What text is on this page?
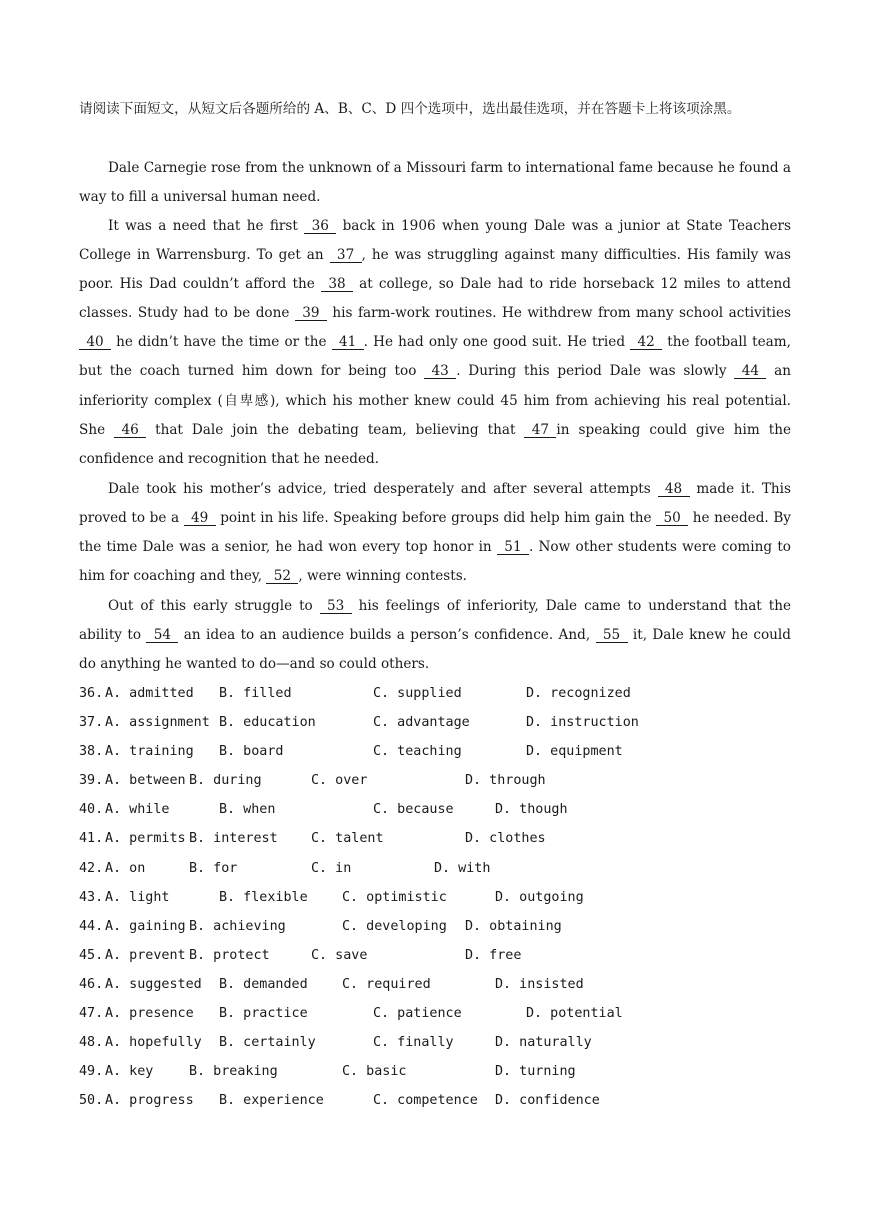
请阅读下面短文，从短文后各题所给的 A、B、C、D 四个选项中，选出最佳选项，并在答题卡上将该项涂黑。
Dale Carnegie rose from the unknown of a Missouri farm to international fame because he found a way to fill a universal human need.
It was a need that he first 36 back in 1906 when young Dale was a junior at State Teachers College in Warrensburg. To get an 37 , he was struggling against many difficulties. His family was poor. His Dad couldn’t afford the 38 at college, so Dale had to ride horseback 12 miles to attend classes. Study had to be done 39 his farm-work routines. He withdrew from many school activities 40 he didn’t have the time or the 41 . He had only one good suit. He tried 42 the football team, but the coach turned him down for being too 43 . During this period Dale was slowly 44 an inferiority complex (自卑感), which his mother knew could 45 him from achieving his real potential. She 46 that Dale join the debating team, believing that 47 in speaking could give him the confidence and recognition that he needed.
Dale took his mother’s advice, tried desperately and after several attempts 48 made it. This proved to be a 49 point in his life. Speaking before groups did help him gain the 50 he needed. By the time Dale was a senior, he had won every top honor in 51 . Now other students were coming to him for coaching and they, 52 , were winning contests.
Out of this early struggle to 53 his feelings of inferiority, Dale came to understand that the ability to 54 an idea to an audience builds a person’s confidence. And, 55 it, Dale knew he could do anything he wanted to do—and so could others.
36. A. admitted B. filled	C. supplied	D. recognized
37. A. assignment B. education	C. advantage	D. instruction
38. A. training B. board	C. teaching	D. equipment
39. A. between B. during	C. over	D. through
40. A. while	B. when	C. because	D. though
41. A. permits B. interest C. talent	D. clothes
42. A. on	B. for	C. in	D. with
43. A. light	B. flexible	C. optimistic	D. outgoing
44. A. gaining B. achieving	C. developing D. obtaining
45. A. prevent B. protect	C. save	D. free
46. A. suggested B. demanded	C. required	D. insisted
47. A. presence B. practice	C. patience	D. potential
48. A. hopefully B. certainly	C. finally	D. naturally
49. A. key	B. breaking	C. basic	D. turning
50. A. progress B. experience	C. competence D. confidence
